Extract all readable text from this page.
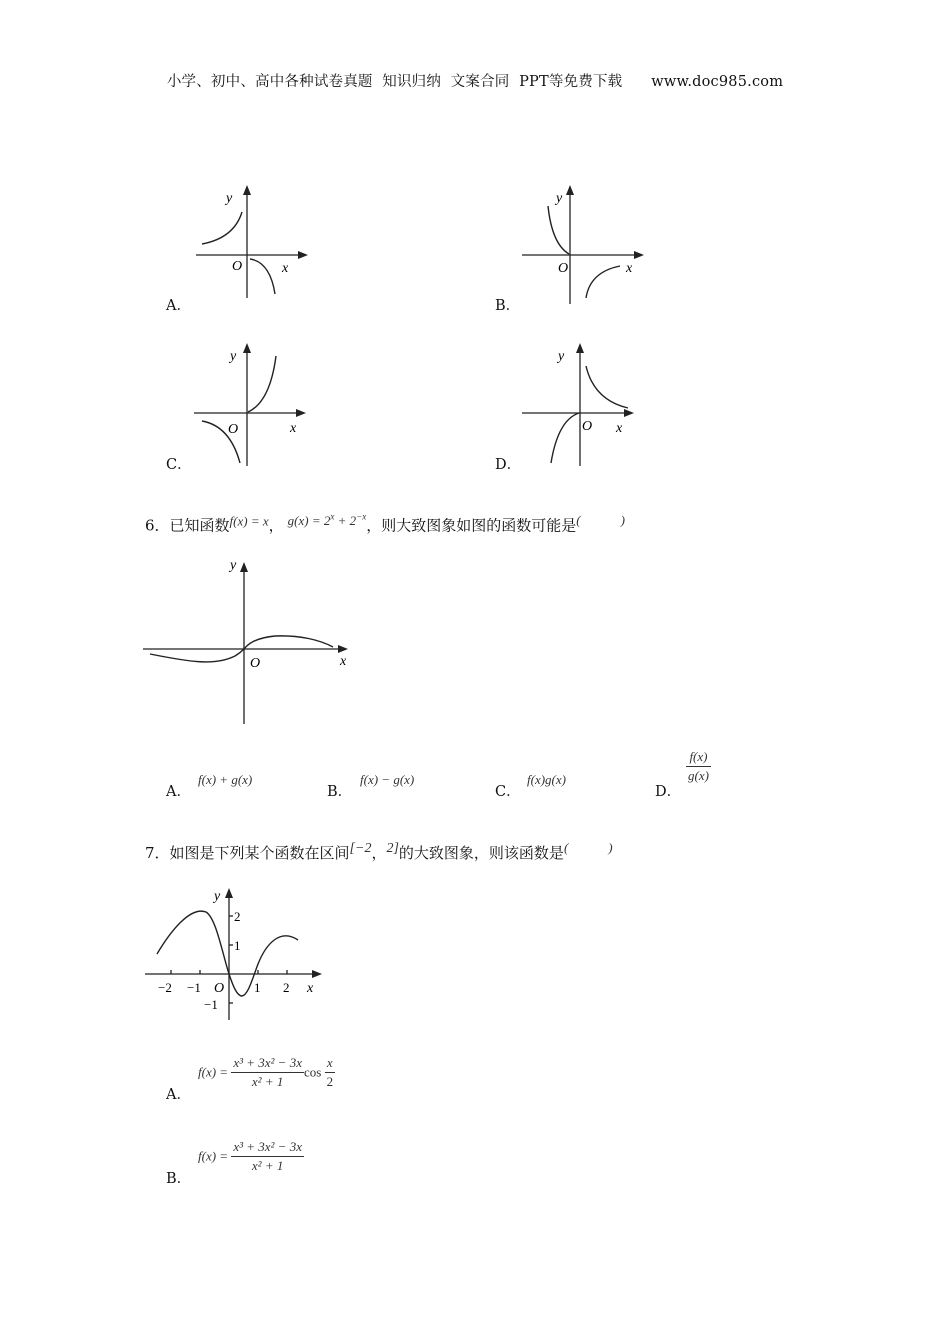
小学、初中、高中各种试卷真题  知识归纳  文案合同  PPT等免费下载      www.doc985.com
A．
y
x
O
B．
y
x
O
C．
y
x
O
D．
y
x
O
6．已知函数f(x) = x， $g(x) = 2^x + 2^{-x}$，则大致图象如图的函数可能是(	)
y
x
O
A．
f(x) + g(x)
B．
f(x) − g(x)
C．
f(x)g(x)
D．
$\frac{f(x)}{g(x)}$
7．如图是下列某个函数在区间[−2，2]的大致图象，则该函数是(	)
y
x
2
1
−1
−2 −1 O 1 2
A．
$f(x) = \frac{\text{x³ + 3x² − 3x}}{\text{x² + 1}}$ $\cos \frac{x}{2}$
B．
$f(x) = \frac{\text{x³ + 3x² − 3x}}{\text{x² + 1}}$
